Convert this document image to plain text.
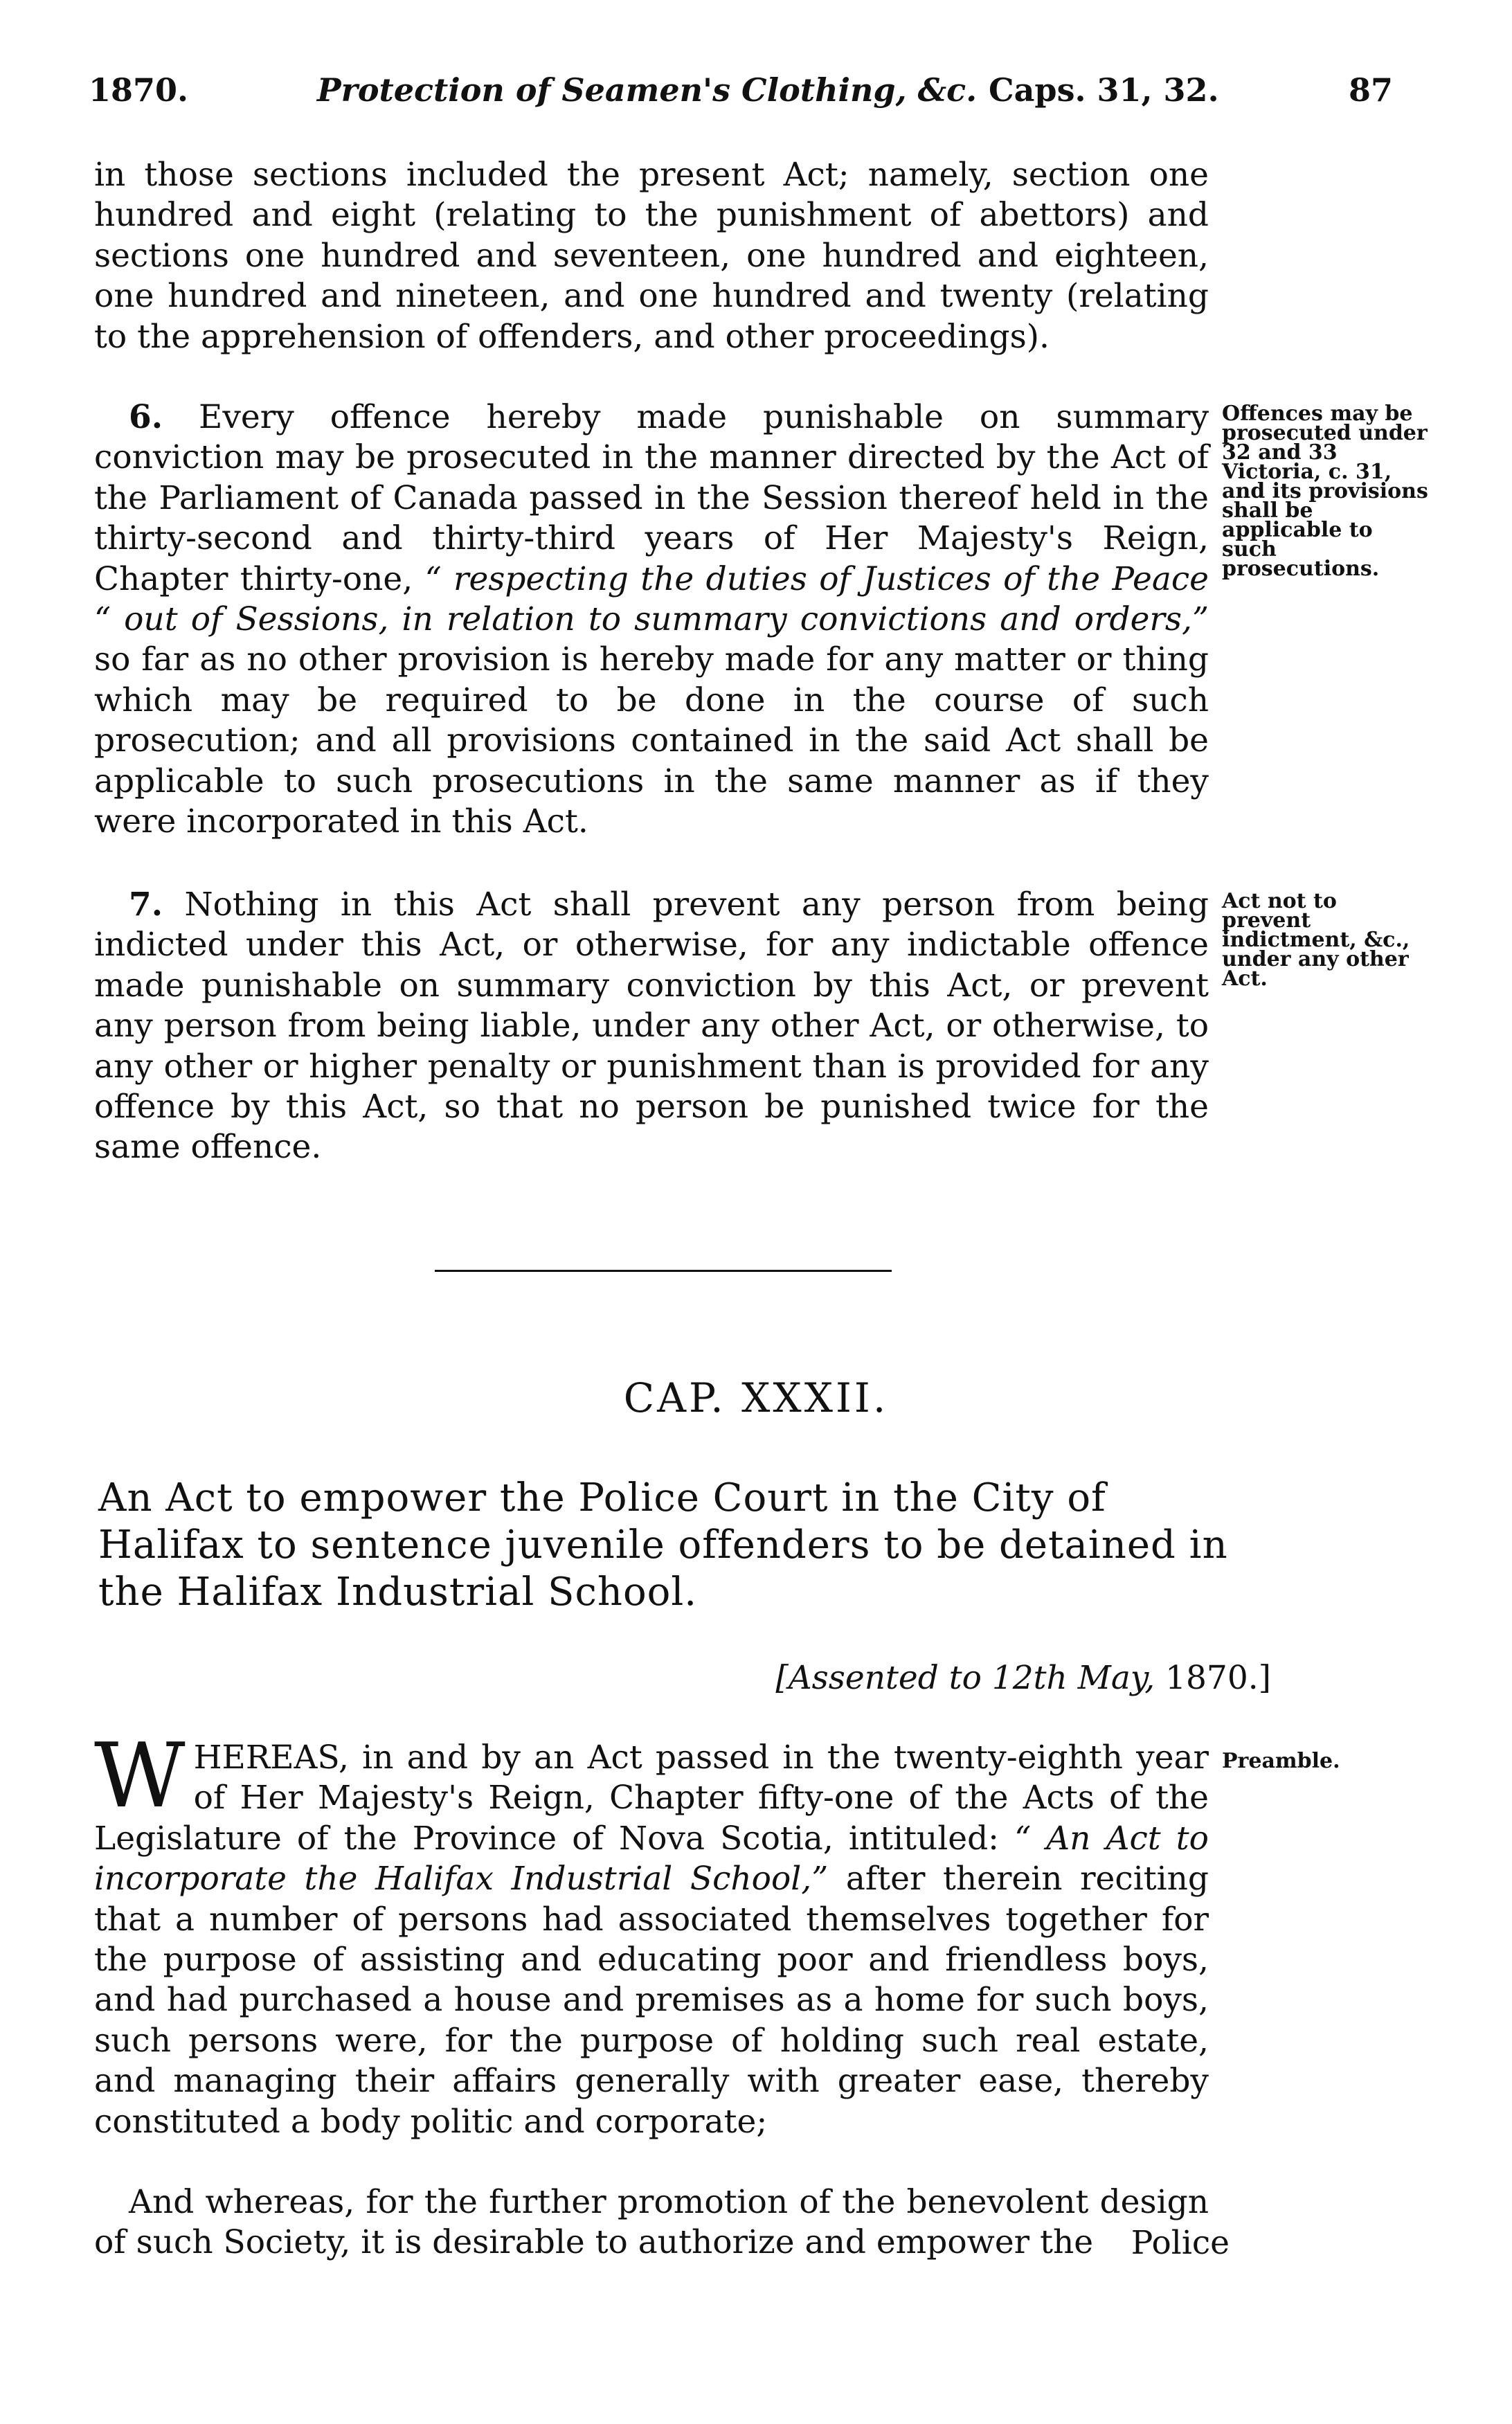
1870.	Protection of Seamen's Clothing, &c. Caps. 31, 32.	87

in those sections included the present Act; namely, section one hundred and eight (relating to the punishment of abettors) and sections one hundred and seventeen, one hundred and eighteen, one hundred and nineteen, and one hundred and twenty (relating to the apprehension of offenders, and other proceedings).

6. Every offence hereby made punishable on summary conviction may be prosecuted in the manner directed by the Act of the Parliament of Canada passed in the Session thereof held in the thirty-second and thirty-third years of Her Majesty's Reign, Chapter thirty-one, “ respecting the duties of Justices of the Peace “ out of Sessions, in relation to summary convictions and orders,” so far as no other provision is hereby made for any matter or thing which may be required to be done in the course of such prosecution; and all provisions contained in the said Act shall be applicable to such prosecutions in the same manner as if they were incorporated in this Act.

Offences may be prosecuted under 32 and 33 Victoria, c. 31, and its provisions shall be applicable to such prosecutions.

7. Nothing in this Act shall prevent any person from being indicted under this Act, or otherwise, for any indictable offence made punishable on summary conviction by this Act, or prevent any person from being liable, under any other Act, or otherwise, to any other or higher penalty or punishment than is provided for any offence by this Act, so that no person be punished twice for the same offence.

Act not to prevent indictment, &c., under any other Act.
CAP. XXXII.
An Act to empower the Police Court in the City of Halifax to sentence juvenile offenders to be detained in the Halifax Industrial School.
[Assented to 12th May, 1870.]

WHEREAS, in and by an Act passed in the twenty-eighth year of Her Majesty's Reign, Chapter fifty-one of the Acts of the Legislature of the Province of Nova Scotia, intituled: “ An Act to incorporate the Halifax Industrial School,” after therein reciting that a number of persons had associated themselves together for the purpose of assisting and educating poor and friendless boys, and had purchased a house and premises as a home for such boys, such persons were, for the purpose of holding such real estate, and managing their affairs generally with greater ease, thereby constituted a body politic and corporate;

Preamble.

And whereas, for the further promotion of the benevolent design of such Society, it is desirable to authorize and empower the	Police
